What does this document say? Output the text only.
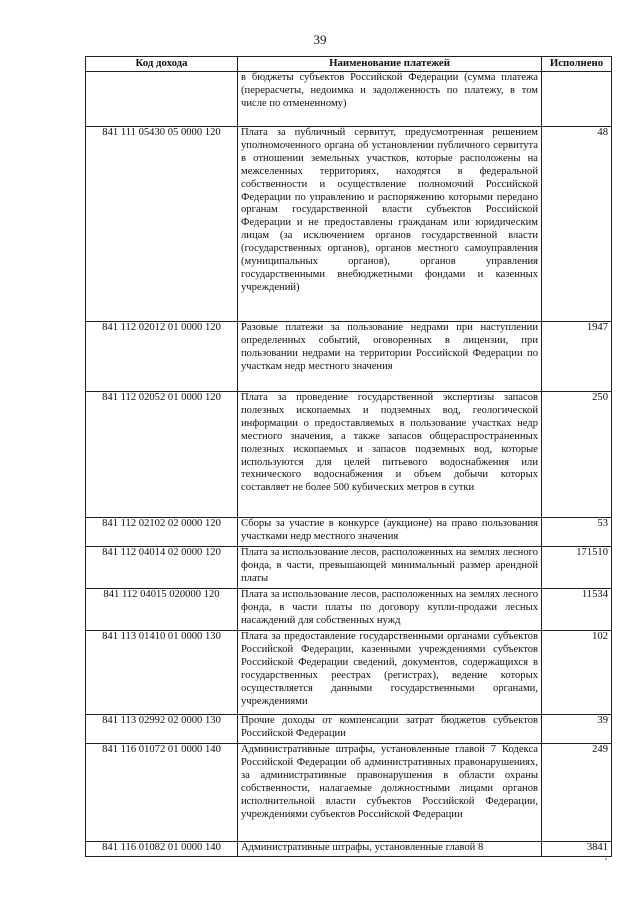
39
Код дохода	Наименование платежей	Исполнено
	в бюджеты субъектов Российской Федерации (сумма платежа (перерасчеты, недоимка и задолженность по платежу, в том числе по отмененному)	
841 111 05430 05 0000 120	Плата за публичный сервитут, предусмотренная решением уполномоченного органа об установлении публичного сервитута в отношении земельных участков, которые расположены на межселенных территориях, находятся в федеральной собственности и осуществление полномочий Российской Федерации по управлению и распоряжению которыми передано органам государственной власти субъектов Российской Федерации и не предоставлены гражданам или юридическим лицам (за исключением органов государственной власти (государственных органов), органов местного самоуправления (муниципальных органов), органов управления государственными внебюджетными фондами и казенных учреждений)	48
841 112 02012 01 0000 120	Разовые платежи за пользование недрами при наступлении определенных событий, оговоренных в лицензии, при пользовании недрами на территории Российской Федерации по участкам недр местного значения	1947
841 112 02052 01 0000 120	Плата за проведение государственной экспертизы запасов полезных ископаемых и подземных вод, геологической информации о предоставляемых в пользование участках недр местного значения, а также запасов общераспространенных полезных ископаемых и запасов подземных вод, которые используются для целей питьевого водоснабжения или технического водоснабжения и объем добычи которых составляет не более 500 кубических метров в сутки	250
841 112 02102 02 0000 120	Сборы за участие в конкурсе (аукционе) на право пользования участками недр местного значения	53
841 112 04014 02 0000 120	Плата за использование лесов, расположенных на землях лесного фонда, в части, превышающей минимальный размер арендной платы	171510
841 112 04015 020000 120	Плата за использование лесов, расположенных на землях лесного фонда, в части платы по договору купли-продажи лесных насаждений для собственных нужд	11534
841 113 01410 01 0000 130	Плата за предоставление государственными органами субъектов Российской Федерации, казенными учреждениями субъектов Российской Федерации сведений, документов, содержащихся в государственных реестрах (регистрах), ведение которых осуществляется данными государственными органами, учреждениями	102
841 113 02992 02 0000 130	Прочие доходы от компенсации затрат бюджетов субъектов Российской Федерации	39
841 116 01072 01 0000 140	Административные штрафы, установленные главой 7 Кодекса Российской Федерации об административных правонарушениях, за административные правонарушения в области охраны собственности, налагаемые должностными лицами органов исполнительной власти субъектов Российской Федерации, учреждениями субъектов Российской Федерации	249
841 116 01082 01 0000 140	Административные штрафы, установленные главой 8	3841
